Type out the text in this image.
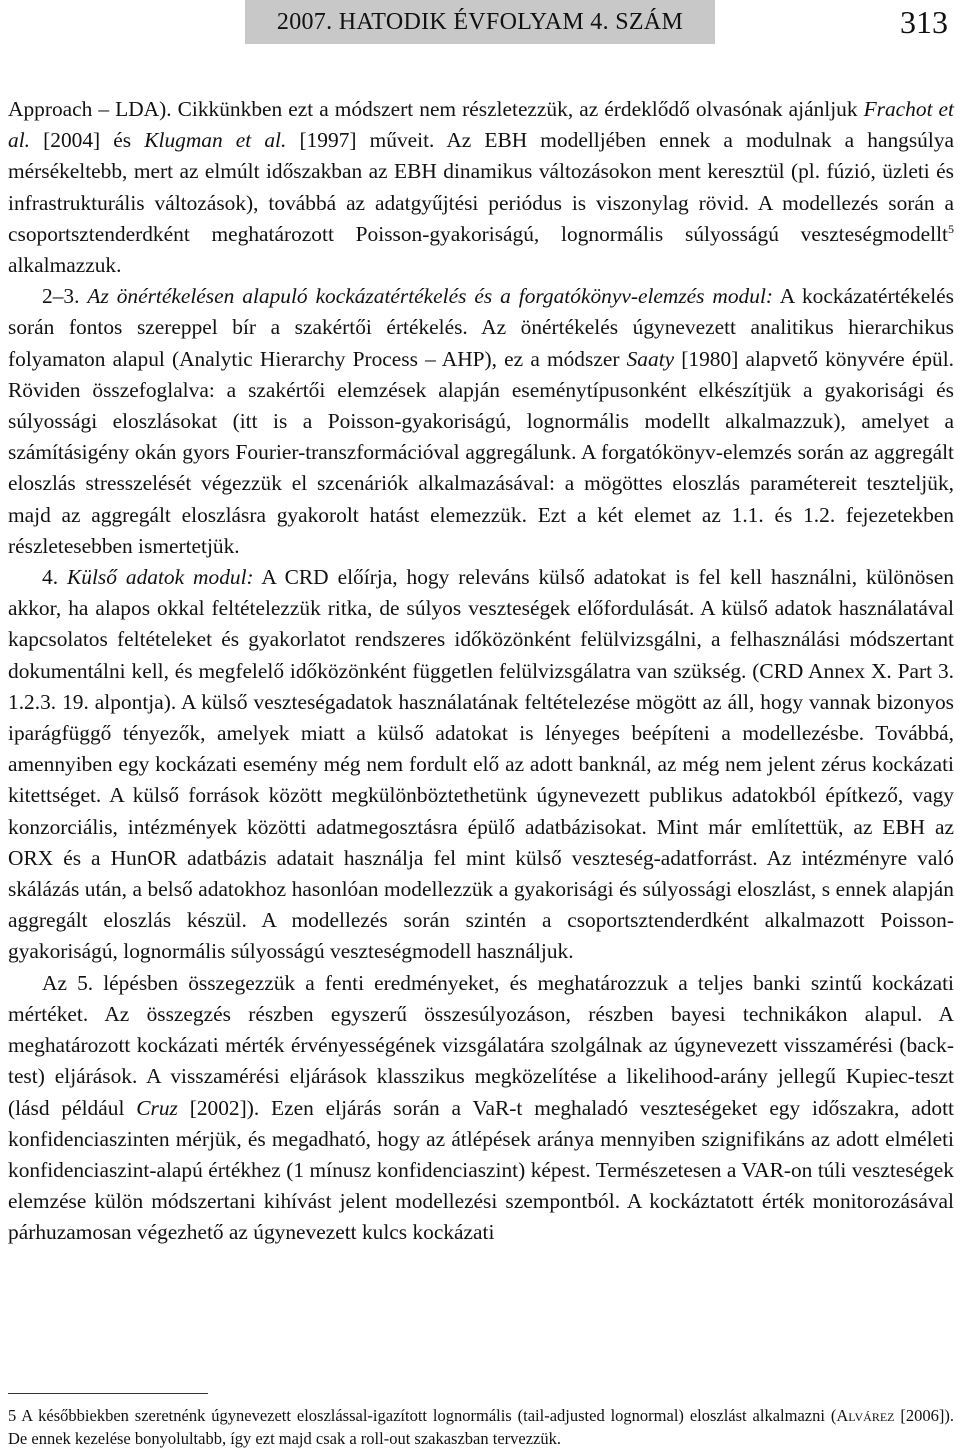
2007. HATODIK ÉVFOLYAM 4. SZÁM	313

Approach – LDA). Cikkünkben ezt a módszert nem részletezzük, az érdeklődő olvasónak ajánljuk Frachot et al. [2004] és Klugman et al. [1997] műveit. Az EBH modelljében ennek a modulnak a hangsúlya mérsékeltebb, mert az elmúlt időszakban az EBH dinamikus változásokon ment keresztül (pl. fúzió, üzleti és infrastrukturális változások), továbbá az adatgyűjtési periódus is viszonylag rövid. A modellezés során a csoportsztenderdként meghatározott Poisson-gyakoriságú, lognormális súlyosságú veszteségmodellt$^5$ alkalmazzuk.

2–3. Az önértékelésen alapuló kockázatértékelés és a forgatókönyv-elemzés modul: A kockázatértékelés során fontos szereppel bír a szakértői értékelés. Az önértékelés úgynevezett analitikus hierarchikus folyamaton alapul (Analytic Hierarchy Process – AHP), ez a módszer Saaty [1980] alapvető könyvére épül. Röviden összefoglalva: a szakértői elemzések alapján eseménytípusonként elkészítjük a gyakorisági és súlyossági eloszlásokat (itt is a Poisson-gyakoriságú, lognormális modellt alkalmazzuk), amelyet a számításigény okán gyors Fourier-transzformációval aggregálunk. A forgatókönyv-elemzés során az aggregált eloszlás stresszelését végezzük el szcenáriók alkalmazásával: a mögöttes eloszlás paramétereit teszteljük, majd az aggregált eloszlásra gyakorolt hatást elemezzük. Ezt a két elemet az 1.1. és 1.2. fejezetekben részletesebben ismertetjük.

4. Külső adatok modul: A CRD előírja, hogy releváns külső adatokat is fel kell használni, különösen akkor, ha alapos okkal feltételezzük ritka, de súlyos veszteségek előfordulását. A külső adatok használatával kapcsolatos feltételeket és gyakorlatot rendszeres időközönként felülvizsgálni, a felhasználási módszertant dokumentálni kell, és megfelelő időközönként független felülvizsgálatra van szükség. (CRD Annex X. Part 3. 1.2.3. 19. alpontja). A külső veszteségadatok használatának feltételezése mögött az áll, hogy vannak bizonyos iparágfüggő tényezők, amelyek miatt a külső adatokat is lényeges beépíteni a modellezésbe. Továbbá, amennyiben egy kockázati esemény még nem fordult elő az adott banknál, az még nem jelent zérus kockázati kitettséget. A külső források között megkülönböztethetünk úgynevezett publikus adatokból építkező, vagy konzorciális, intézmények közötti adatmegosztásra épülő adatbázisokat. Mint már említettük, az EBH az ORX és a HunOR adatbázis adatait használja fel mint külső veszteség-adatforrást. Az intézményre való skálázás után, a belső adatokhoz hasonlóan modellezzük a gyakorisági és súlyossági eloszlást, s ennek alapján aggregált eloszlás készül. A modellezés során szintén a csoportsztenderdként alkalmazott Poisson-gyakoriságú, lognormális súlyosságú veszteségmodell használjuk.

Az 5. lépésben összegezzük a fenti eredményeket, és meghatározzuk a teljes banki szintű kockázati mértéket. Az összegzés részben egyszerű összesúlyozáson, részben bayesi technikákon alapul. A meghatározott kockázati mérték érvényességének vizsgálatára szolgálnak az úgynevezett visszamérési (back-test) eljárások. A visszamérési eljárások klasszikus megközelítése a likelihood-arány jellegű Kupiec-teszt (lásd például Cruz [2002]). Ezen eljárás során a VaR-t meghaladó veszteségeket egy időszakra, adott konfidenciaszinten mérjük, és megadható, hogy az átlépések aránya mennyiben szignifikáns az adott elméleti konfidenciaszint-alapú értékhez (1 mínusz konfidenciaszint) képest. Természetesen a VAR-on túli veszteségek elemzése külön módszertani kihívást jelent modellezési szempontból. A kockáztatott érték monitorozásával párhuzamosan végezhető az úgynevezett kulcs kockázati

5 A későbbiekben szeretnénk úgynevezett eloszlással-igazított lognormális (tail-adjusted lognormal) eloszlást alkalmazni (Alvárez [2006]). De ennek kezelése bonyolultabb, így ezt majd csak a roll-out szakaszban tervezzük.
